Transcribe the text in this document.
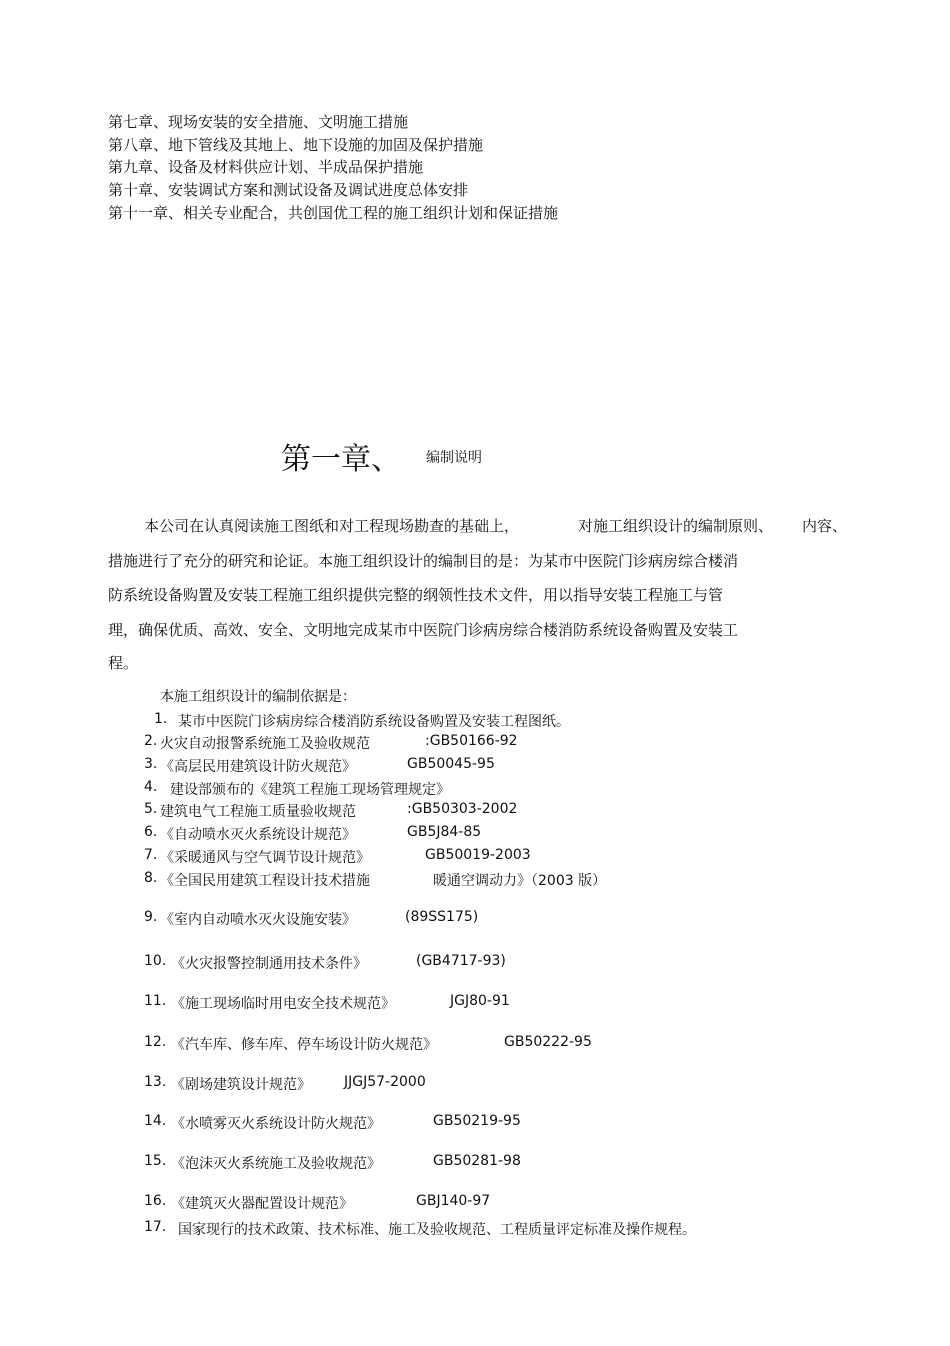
第七章、现场安装的安全措施、文明施工措施
第八章、地下管线及其地上、地下设施的加固及保护措施
第九章、设备及材料供应计划、半成品保护措施
第十章、安装调试方案和测试设备及调试进度总体安排
第十一章、相关专业配合，共创国优工程的施工组织计划和保证措施
第一章、 编制说明
本公司在认真阅读施工图纸和对工程现场勘查的基础上，	对施工组织设计的编制原则、 内容、
措施进行了充分的研究和论证。本施工组织设计的编制目的是：为某市中医院门诊病房综合楼消
防系统设备购置及安装工程施工组织提供完整的纲领性技术文件，用以指导安装工程施工与管
理，确保优质、高效、安全、文明地完成某市中医院门诊病房综合楼消防系统设备购置及安装工
程。
本施工组织设计的编制依据是：
1. 某市中医院门诊病房综合楼消防系统设备购置及安装工程图纸。
2. 火灾自动报警系统施工及验收规范	:GB50166-92
3. 《高层民用建筑设计防火规范》	GB50045-95
4. 建设部颁布的《建筑工程施工现场管理规定》
5. 建筑电气工程施工质量验收规范	:GB50303-2002
6. 《自动喷水灭火系统设计规范》	GB5J84-85
7. 《采暖通风与空气调节设计规范》	GB50019-2003
8. 《全国民用建筑工程设计技术措施	暖通空调动力》（2003 版）
9. 《室内自动喷水灭火设施安装》	(89SS175)
10. 《火灾报警控制通用技术条件》	(GB4717-93)
11. 《施工现场临时用电安全技术规范》	JGJ80-91
12. 《汽车库、修车库、停车场设计防火规范》	GB50222-95
13. 《剧场建筑设计规范》 JJGJ57-2000
14. 《水喷雾灭火系统设计防火规范》	GB50219-95
15. 《泡沫灭火系统施工及验收规范》	GB50281-98
16. 《建筑灭火器配置设计规范》	GBJ140-97
17. 国家现行的技术政策、技术标准、施工及验收规范、工程质量评定标准及操作规程。
